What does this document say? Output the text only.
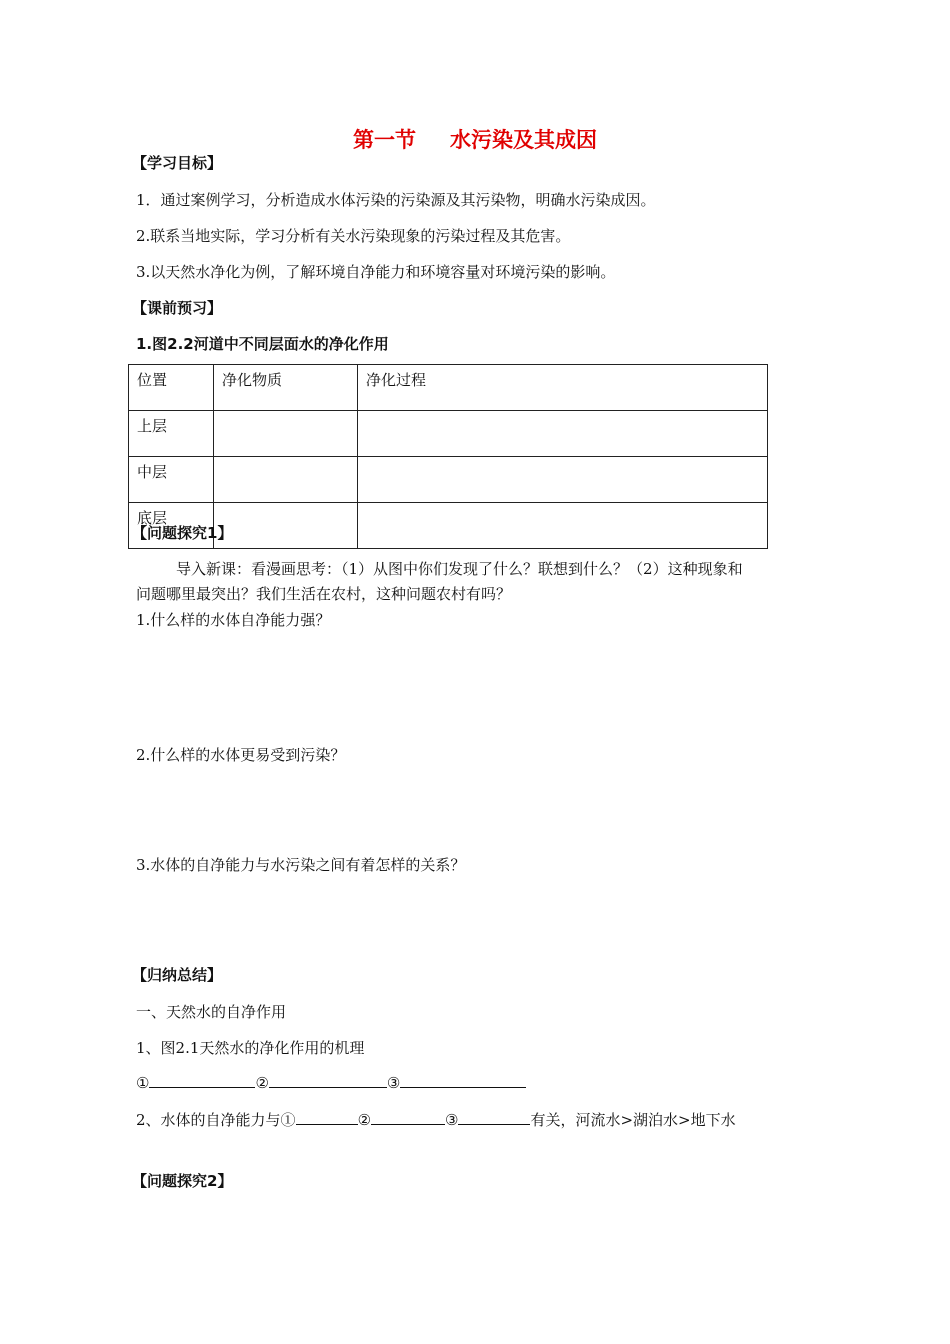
第一节 水污染及其成因
【学习目标】
1．通过案例学习，分析造成水体污染的污染源及其污染物，明确水污染成因。
2.联系当地实际，学习分析有关水污染现象的污染过程及其危害。
3.以天然水净化为例，了解环境自净能力和环境容量对环境污染的影响。
【课前预习】
1.图2.2河道中不同层面水的净化作用
位置	净化物质	净化过程
上层		
中层		
底层		
【问题探究1】
导入新课：看漫画思考：（1）从图中你们发现了什么？联想到什么？（2）这种现象和
问题哪里最突出？我们生活在农村，这种问题农村有吗？
1.什么样的水体自净能力强？
2.什么样的水体更易受到污染？
3.水体的自净能力与水污染之间有着怎样的关系？
【归纳总结】
一、天然水的自净作用
1、图2.1天然水的净化作用的机理
①	②	③
2、水体的自净能力与①	②	③	有关，河流水>湖泊水>地下水
【问题探究2】
